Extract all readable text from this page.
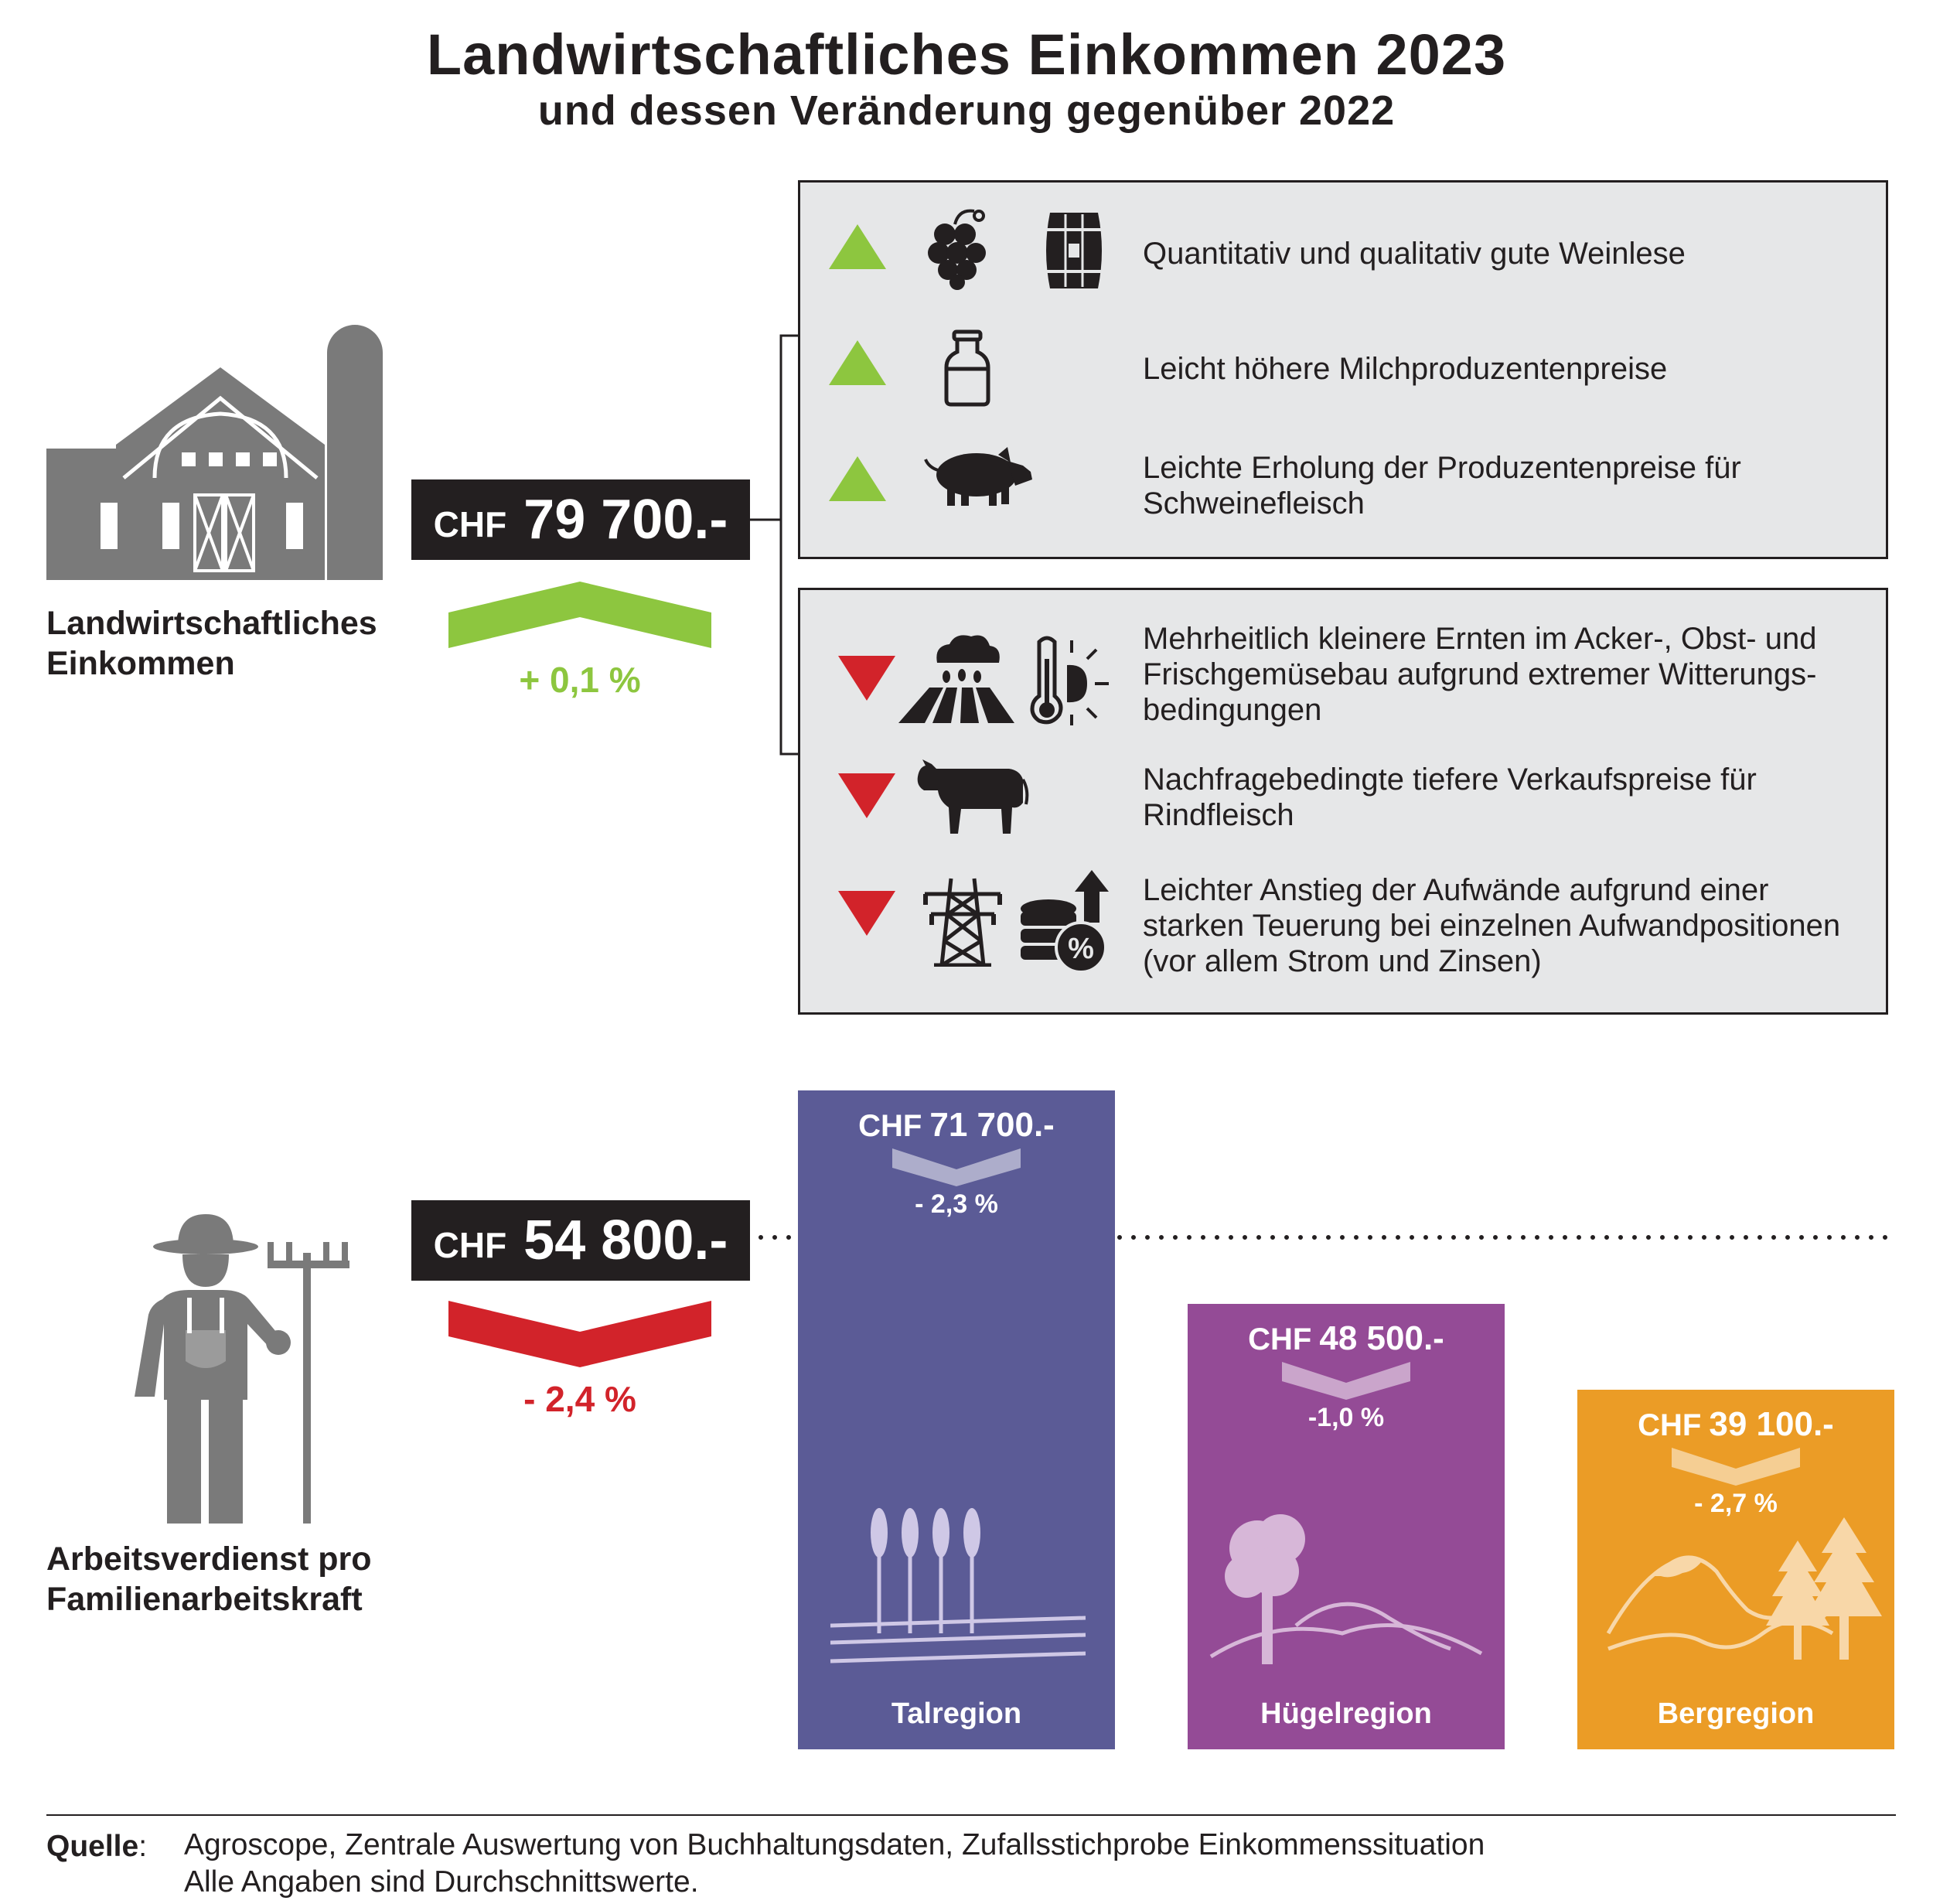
Landwirtschaftliches Einkommen 2023
und dessen Veränderung gegenüber 2022
Landwirtschaftliches
Einkommen
CHF 79 700.-
+ 0,1 %
Quantitativ und qualitativ gute Weinlese
Leicht höhere Milchproduzentenpreise
Leichte Erholung der Produzentenpreise für
Schweinefleisch
Mehrheitlich kleinere Ernten im Acker-, Obst- und
Frischgemüsebau aufgrund extremer Witterungs-
bedingungen
Nachfragebedingte tiefere Verkaufspreise für
Rindfleisch
%
Leichter Anstieg der Aufwände aufgrund einer
starken Teuerung bei einzelnen Aufwandpositionen
(vor allem Strom und Zinsen)
Arbeitsverdienst pro
Familienarbeitskraft
CHF 54 800.-
- 2,4 %
CHF 71 700.-
- 2,3 %
Talregion
CHF 48 500.-
-1,0 %
Hügelregion
CHF 39 100.-
- 2,7 %
Bergregion
Quelle: Agroscope, Zentrale Auswertung von Buchhaltungsdaten, Zufallsstichprobe Einkommenssituation
Alle Angaben sind Durchschnittswerte.
